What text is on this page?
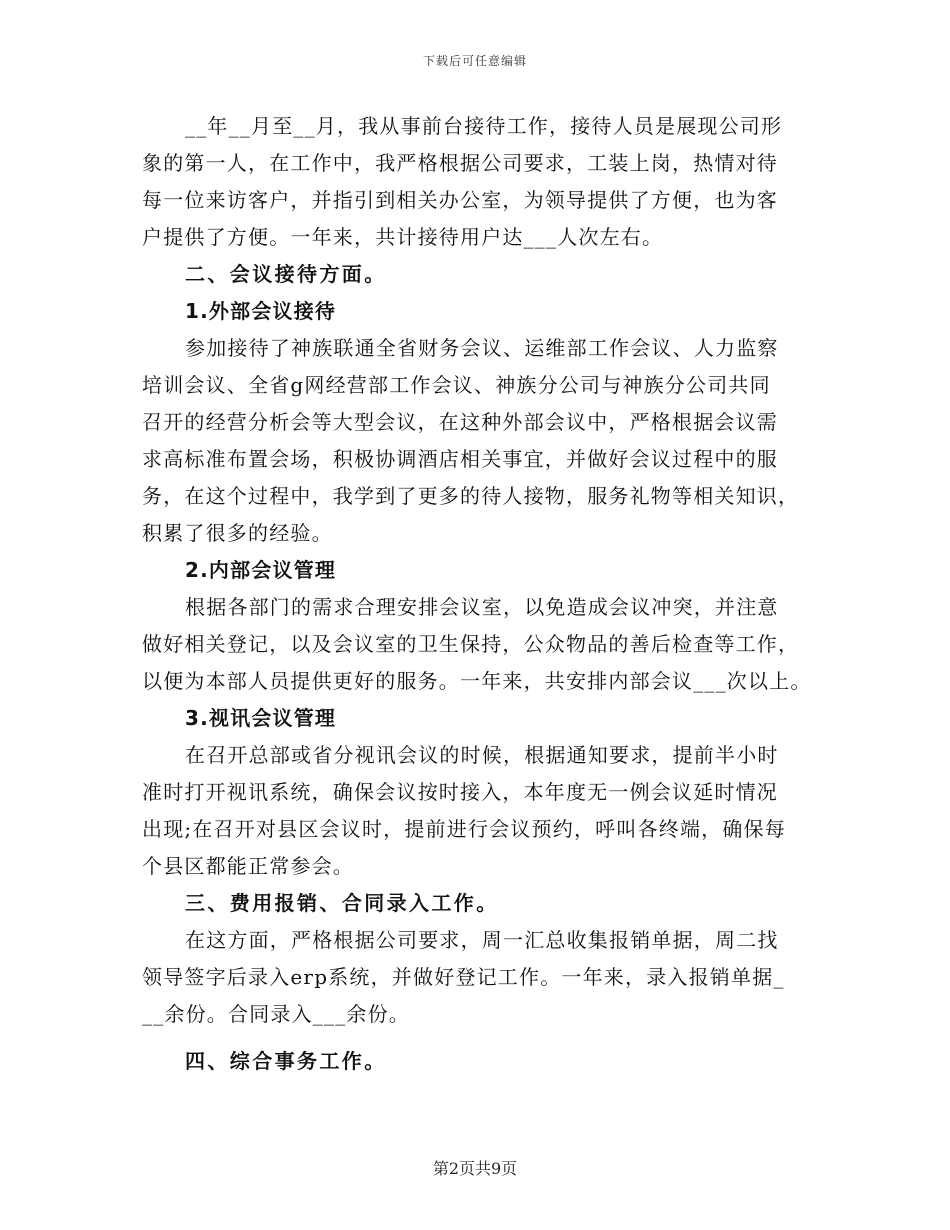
下载后可任意编辑
__年__月至__月，我从事前台接待工作，接待人员是展现公司形
象的第一人，在工作中，我严格根据公司要求，工装上岗，热情对待
每一位来访客户，并指引到相关办公室，为领导提供了方便，也为客
户提供了方便。一年来，共计接待用户达___人次左右。
二、会议接待方面。
1.外部会议接待
参加接待了神族联通全省财务会议、运维部工作会议、人力监察
培训会议、全省g网经营部工作会议、神族分公司与神族分公司共同
召开的经营分析会等大型会议，在这种外部会议中，严格根据会议需
求高标准布置会场，积极协调酒店相关事宜，并做好会议过程中的服
务，在这个过程中，我学到了更多的待人接物，服务礼物等相关知识，
积累了很多的经验。
2.内部会议管理
根据各部门的需求合理安排会议室，以免造成会议冲突，并注意
做好相关登记，以及会议室的卫生保持，公众物品的善后检查等工作，
以便为本部人员提供更好的服务。一年来，共安排内部会议___次以上。
3.视讯会议管理
在召开总部或省分视讯会议的时候，根据通知要求，提前半小时
准时打开视讯系统，确保会议按时接入，本年度无一例会议延时情况
出现;在召开对县区会议时，提前进行会议预约，呼叫各终端，确保每
个县区都能正常参会。
三、费用报销、合同录入工作。
在这方面，严格根据公司要求，周一汇总收集报销单据，周二找
领导签字后录入erp系统，并做好登记工作。一年来，录入报销单据_
__余份。合同录入___余份。
四、综合事务工作。
第2页共9页
